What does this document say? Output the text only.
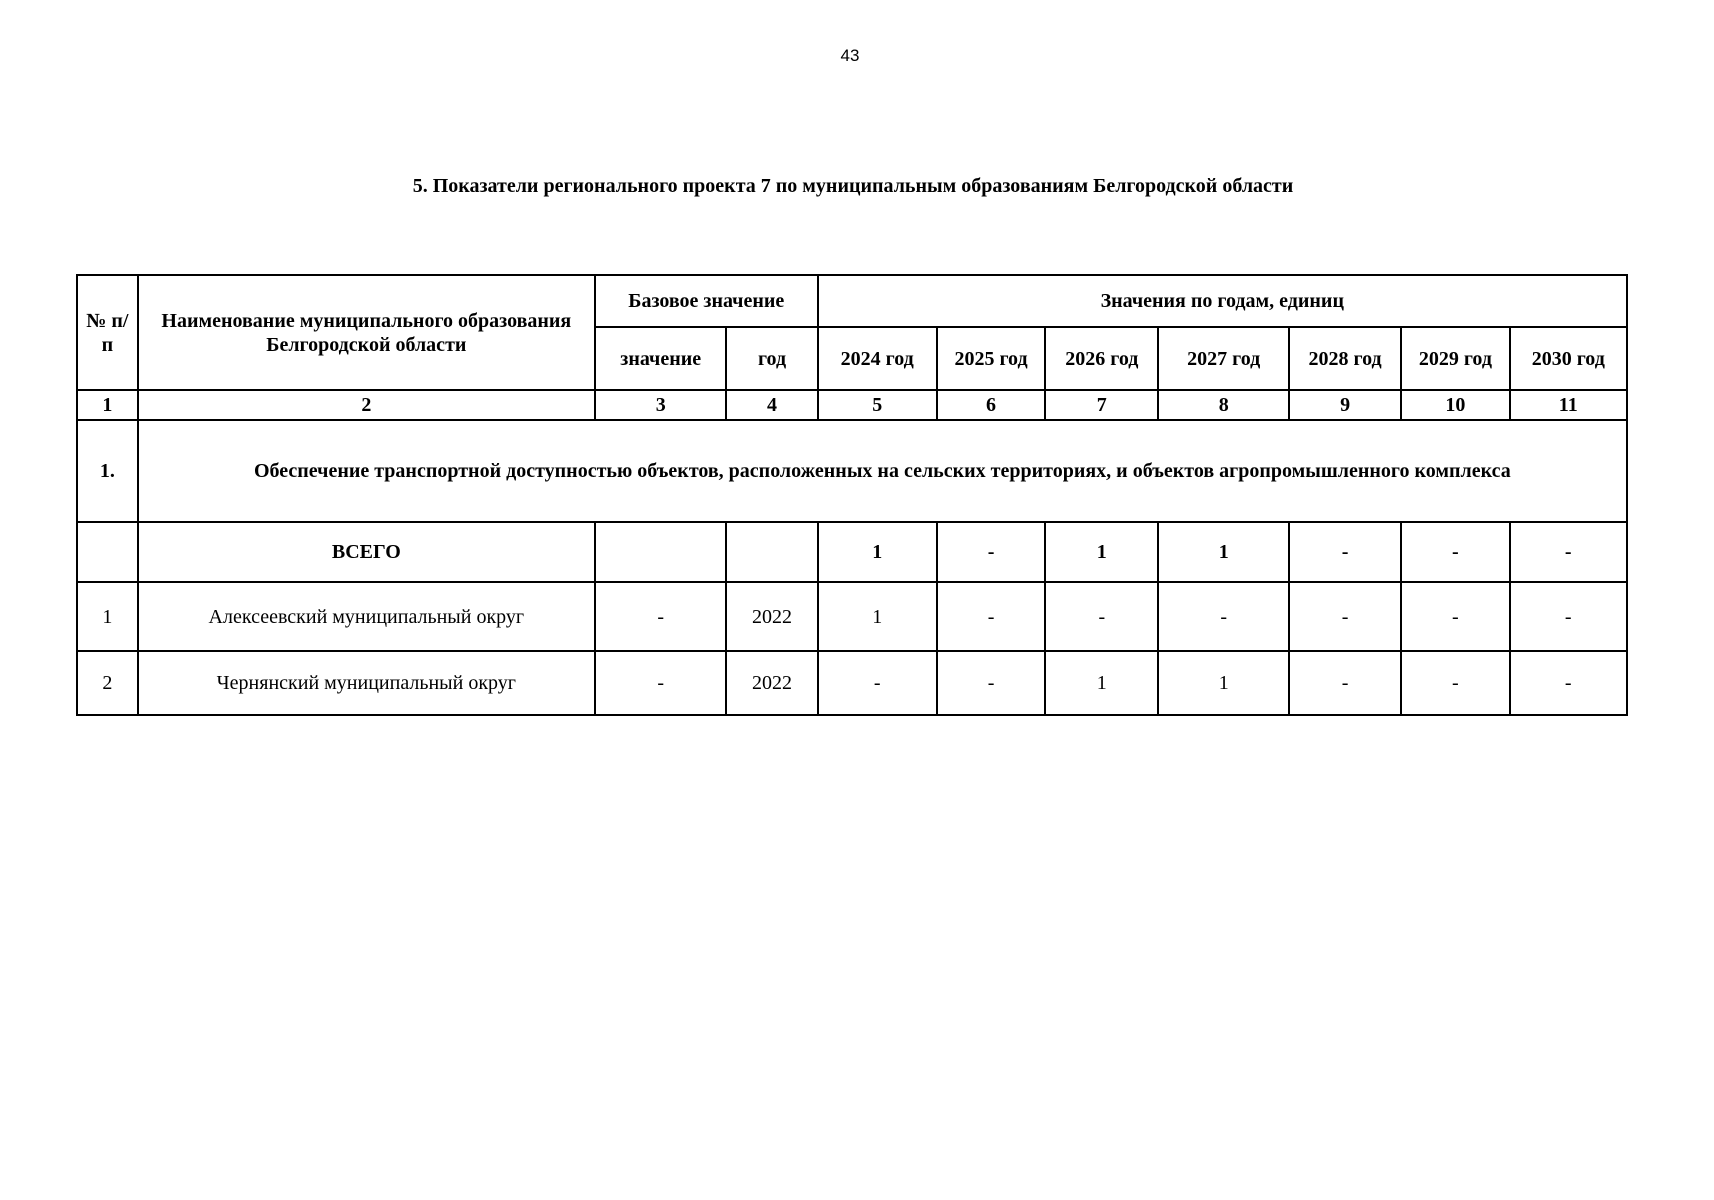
43
5. Показатели регионального проекта 7 по муниципальным образованиям Белгородской области
№ п/п	Наименование муниципального образования Белгородской области	Базовое значение		Значения по годам, единиц						
		значение	год	2024 год	2025 год	2026 год	2027 год	2028 год	2029 год	2030 год
1	2	3	4	5	6	7	8	9	10	11
1.	Обеспечение транспортной доступностью объектов, расположенных на сельских территориях, и объектов агропромышленного комплекса									
	ВСЕГО			1	-	1	1	-	-	-
1	Алексеевский муниципальный округ	-	2022	1	-	-	-	-	-	-
2	Чернянский муниципальный округ	-	2022	-	-	1	1	-	-	-
